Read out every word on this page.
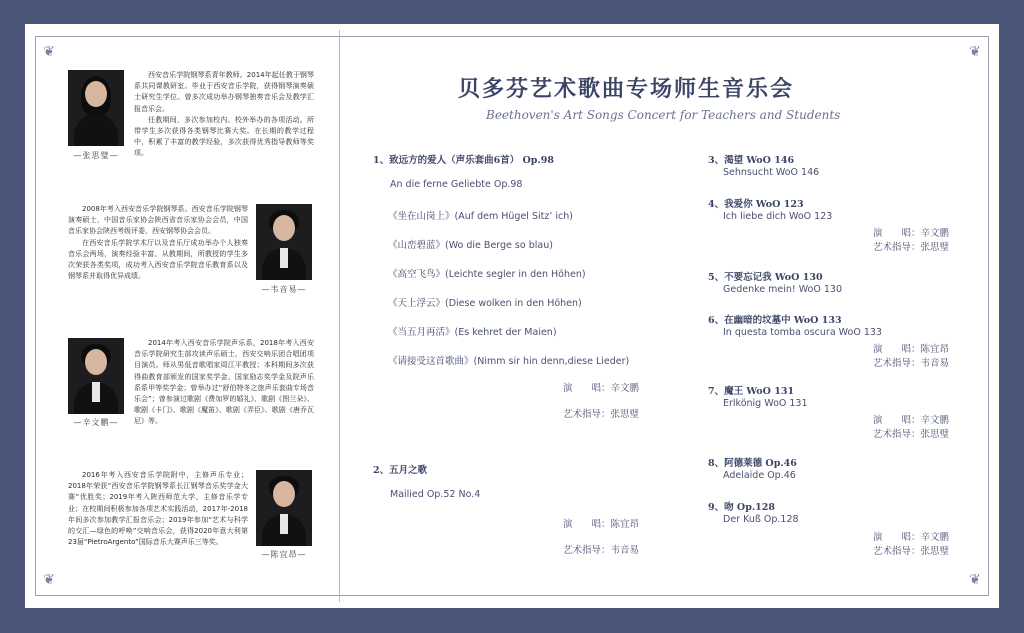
❦	❦
❦	❦
—张思璧—

西安音乐学院钢琴系青年教师。2014年起任教于钢琴系共同课教研室。毕业于西安音乐学院，获得钢琴演奏硕士研究生学位。曾多次成功举办钢琴独奏音乐会及教学汇报音乐会。

任教期间，多次参加校内、校外举办的各项活动。所带学生多次获得各类钢琴比赛大奖。在长期的教学过程中，积累了丰富的教学经验，多次获得优秀指导教师等奖项。

—韦音易—

2008年考入西安音乐学院钢琴系。西安音乐学院钢琴演奏硕士，中国音乐家协会陕西省音乐家协会会员，中国音乐家协会陕西考级评委，西安钢琴协会会员。

在西安音乐学院学术厅以及音乐厅成功举办个人独奏音乐会两场，演奏经验丰富。从教期间，所教授的学生多次荣获各类奖项，成功考入西安音乐学院音乐教育系以及钢琴系并取得优异成绩。

—辛文鹏—

2014年考入西安音乐学院声乐系，2018年考入西安音乐学院研究生部攻读声乐硕士，西安交响乐团合唱团项目演员。师从男低音歌唱家周江平教授；本科期间多次获得曲教育部颁发的国家奖学金、国家励志奖学金及院声乐系系甲等奖学金；曾举办过“舒伯特冬之旅声乐套曲专场音乐会”；曾参演过歌剧《费加罗的婚礼》、歌剧《图兰朵》、歌剧《卡门》、歌剧《魔笛》、歌剧《弄臣》、歌剧《唐乔瓦尼》等。

—陈宜昂—

2016年考入西安音乐学院附中，主修声乐专业；2018年荣获“西安音乐学院钢琴系长江钢琴音乐奖学金大赛”优胜奖；2019年考入陕西师范大学，主修音乐学专业；在校期间积极参加各项艺术实践活动，2017年-2018年间多次参加教学汇报音乐会；2019年参加“艺术与科学的交汇—绿色的呼唤”交响音乐会，获得2020年意大利第23届“PietroArgento”国际音乐大赛声乐三等奖。

贝多芬艺术歌曲专场师生音乐会
Beethoven's Art Songs Concert for Teachers and Students
1、致远方的爱人（声乐套曲6首） Op.98
An die ferne Geliebte Op.98
《坐在山岗上》(Auf dem Hügel Sitz’ ich)
《山峦碧蓝》(Wo die Berge so blau)
《高空飞鸟》(Leichte segler in den Höhen)
《天上浮云》(Diese wolken in den Höhen)
《当五月再活》(Es kehret der Maien)
《请接受这首歌曲》(Nimm sir hin denn,diese Lieder)
演　　唱：辛文鹏
艺术指导：张思璧
2、五月之歌
Mailied Op.52 No.4
演　　唱：陈宜昂
艺术指导：韦音易
3、渴望 WoO 146
Sehnsucht WoO 146
4、我爱你 WoO 123
Ich liebe dich WoO 123
演　　唱：辛文鹏
艺术指导：张思璧
5、不要忘记我 WoO 130
Gedenke mein! WoO 130
6、在幽暗的坟墓中 WoO 133
In questa tomba oscura WoO 133
演　　唱：陈宜昂
艺术指导：韦音易
7、魔王 WoO 131
Erlkönig WoO 131
演　　唱：辛文鹏
艺术指导：张思璧
8、阿德莱德 Op.46
Adelaide Op.46
9、吻 Op.128
Der Kuß Op.128
演　　唱：辛文鹏
艺术指导：张思璧
